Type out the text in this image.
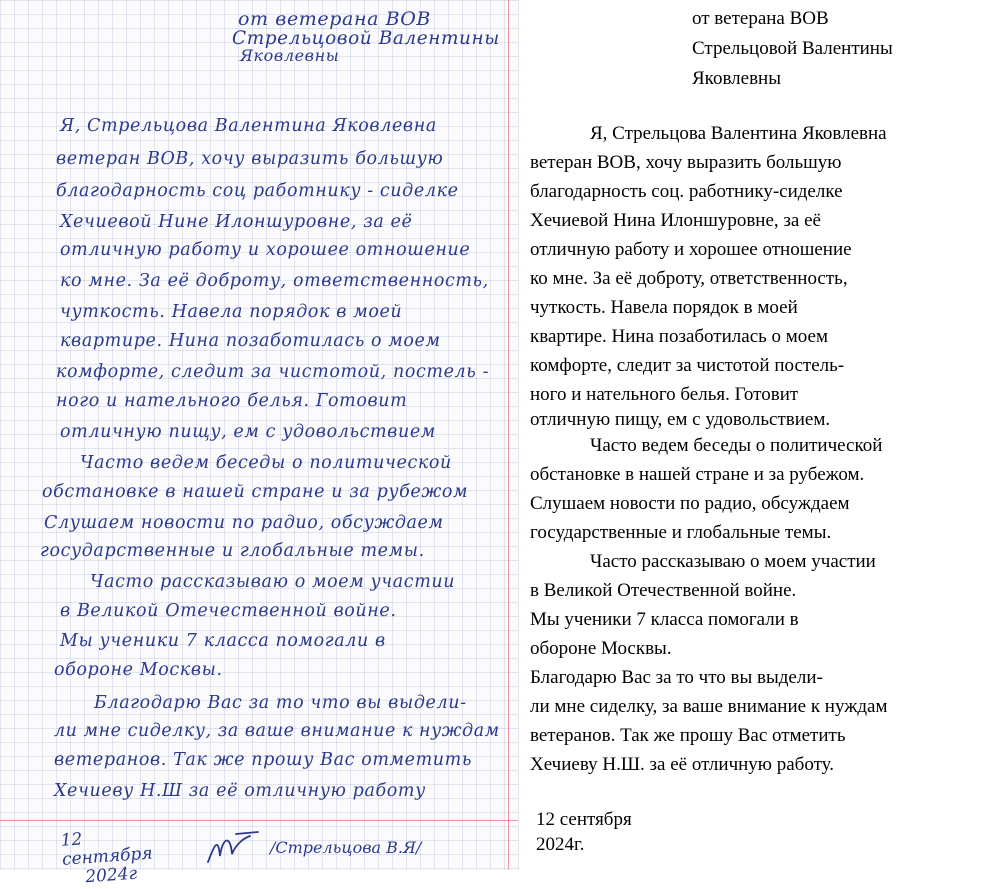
от ветерана ВОВ

Стрельцовой Валентины

Яковлевны

Я, Стрельцова Валентина Яковлевна

ветеран ВОВ, хочу выразить большую

благодарность соц работнику - сиделке

Хечиевой Нине Илоншуровне, за её

отличную работу и хорошее отношение

ко мне. За её доброту, ответственность,

чуткость. Навела порядок в моей

квартире. Нина позаботилась о моем

комфорте, следит за чистотой, постель -

ного и нательного белья. Готовит

отличную пищу, ем с удовольствием

Часто ведем беседы о политической

обстановке в нашей стране и за рубежом

Слушаем новости по радио, обсуждаем

государственные и глобальные темы.

Часто рассказываю о моем участии

в Великой Отечественной войне.

Мы ученики 7 класса помогали в

обороне Москвы.

Благодарю Вас за то что вы выдели-

ли мне сиделку, за ваше внимание к нуждам

ветеранов. Так же прошу Вас отметить

Хечиеву Н.Ш за её отличную работу

12 сентября
2024г
/Стрельцова В.Я/

от ветерана ВОВ

Стрельцовой Валентины

Яковлевны

Я, Стрельцова Валентина Яковлевна

ветеран ВОВ, хочу выразить большую

благодарность соц. работнику-сиделке

Хечиевой Нина Илоншуровне, за её

отличную работу и хорошее отношение

ко мне. За её доброту, ответственность,

чуткость. Навела порядок в моей

квартире. Нина позаботилась о моем

комфорте, следит за чистотой постель-

ного и нательного белья. Готовит

отличную пищу, ем с удовольствием.

Часто ведем беседы о политической

обстановке в нашей стране и за рубежом.

Слушаем новости по радио, обсуждаем

государственные и глобальные темы.

Часто рассказываю о моем участии

в Великой Отечественной войне.

Мы ученики 7 класса помогали в

обороне Москвы.

Благодарю Вас за то что вы выдели-

ли мне сиделку, за ваше внимание к нуждам

ветеранов. Так же прошу Вас отметить

Хечиеву Н.Ш. за её отличную работу.

12 сентября

2024г.
